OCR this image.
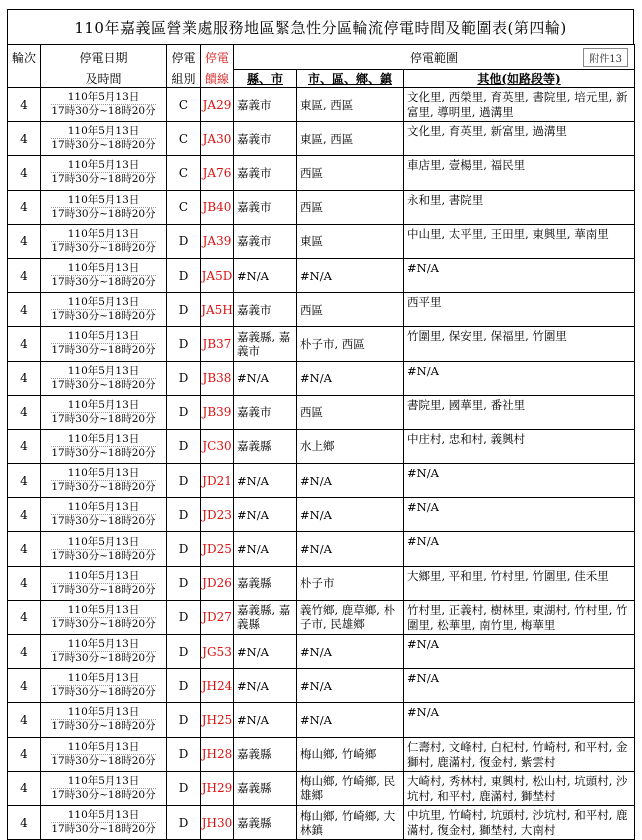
110年嘉義區營業處服務地區緊急性分區輪流停電時間及範圍表(第四輪)
輪次	停電日期	停電	停電	停電範圍 附件13		

	及時間	組別	饋線	縣、市	市、區、鄉、鎮	其他(如路段等)
4	110年5月13日
17時30分~18時20分	C	JA29	嘉義市	東區, 西區	文化里, 西榮里, 育英里, 書院里, 培元里, 新富里, 導明里, 過溝里
4	110年5月13日
17時30分~18時20分	C	JA30	嘉義市	東區, 西區	文化里, 育英里, 新富里, 過溝里
4	110年5月13日
17時30分~18時20分	C	JA76	嘉義市	西區	車店里, 壹楊里, 福民里
4	110年5月13日
17時30分~18時20分	C	JB40	嘉義市	西區	永和里, 書院里
4	110年5月13日
17時30分~18時20分	D	JA39	嘉義市	東區	中山里, 太平里, 王田里, 東興里, 華南里
4	110年5月13日
17時30分~18時20分	D	JA5D	#N/A	#N/A	#N/A
4	110年5月13日
17時30分~18時20分	D	JA5H	嘉義市	西區	西平里
4	110年5月13日
17時30分~18時20分	D	JB37	嘉義縣, 嘉義市	朴子市, 西區	竹圍里, 保安里, 保福里, 竹圍里
4	110年5月13日
17時30分~18時20分	D	JB38	#N/A	#N/A	#N/A
4	110年5月13日
17時30分~18時20分	D	JB39	嘉義市	西區	書院里, 國華里, 番社里
4	110年5月13日
17時30分~18時20分	D	JC30	嘉義縣	水上鄉	中庄村, 忠和村, 義興村
4	110年5月13日
17時30分~18時20分	D	JD21	#N/A	#N/A	#N/A
4	110年5月13日
17時30分~18時20分	D	JD23	#N/A	#N/A	#N/A
4	110年5月13日
17時30分~18時20分	D	JD25	#N/A	#N/A	#N/A
4	110年5月13日
17時30分~18時20分	D	JD26	嘉義縣	朴子市	大鄉里, 平和里, 竹村里, 竹圍里, 佳禾里
4	110年5月13日
17時30分~18時20分	D	JD27	嘉義縣, 嘉義縣	義竹鄉, 鹿草鄉, 朴子市, 民雄鄉	竹村里, 正義村, 樹林里, 東湖村, 竹村里, 竹圍里, 松華里, 南竹里, 梅華里
4	110年5月13日
17時30分~18時20分	D	JG53	#N/A	#N/A	#N/A
4	110年5月13日
17時30分~18時20分	D	JH24	#N/A	#N/A	#N/A
4	110年5月13日
17時30分~18時20分	D	JH25	#N/A	#N/A	#N/A
4	110年5月13日
17時30分~18時20分	D	JH28	嘉義縣	梅山鄉, 竹崎鄉	仁壽村, 文峰村, 白杞村, 竹崎村, 和平村, 金獅村, 鹿滿村, 復金村, 紫雲村
4	110年5月13日
17時30分~18時20分	D	JH29	嘉義縣	梅山鄉, 竹崎鄉, 民雄鄉	大崎村, 秀林村, 東興村, 松山村, 坑頭村, 沙坑村, 和平村, 鹿滿村, 獅埜村
4	110年5月13日
17時30分~18時20分	D	JH30	嘉義縣	梅山鄉, 竹崎鄉, 大林鎮	中坑里, 竹崎村, 坑頭村, 沙坑村, 和平村, 鹿滿村, 復金村, 獅埜村, 大南村
